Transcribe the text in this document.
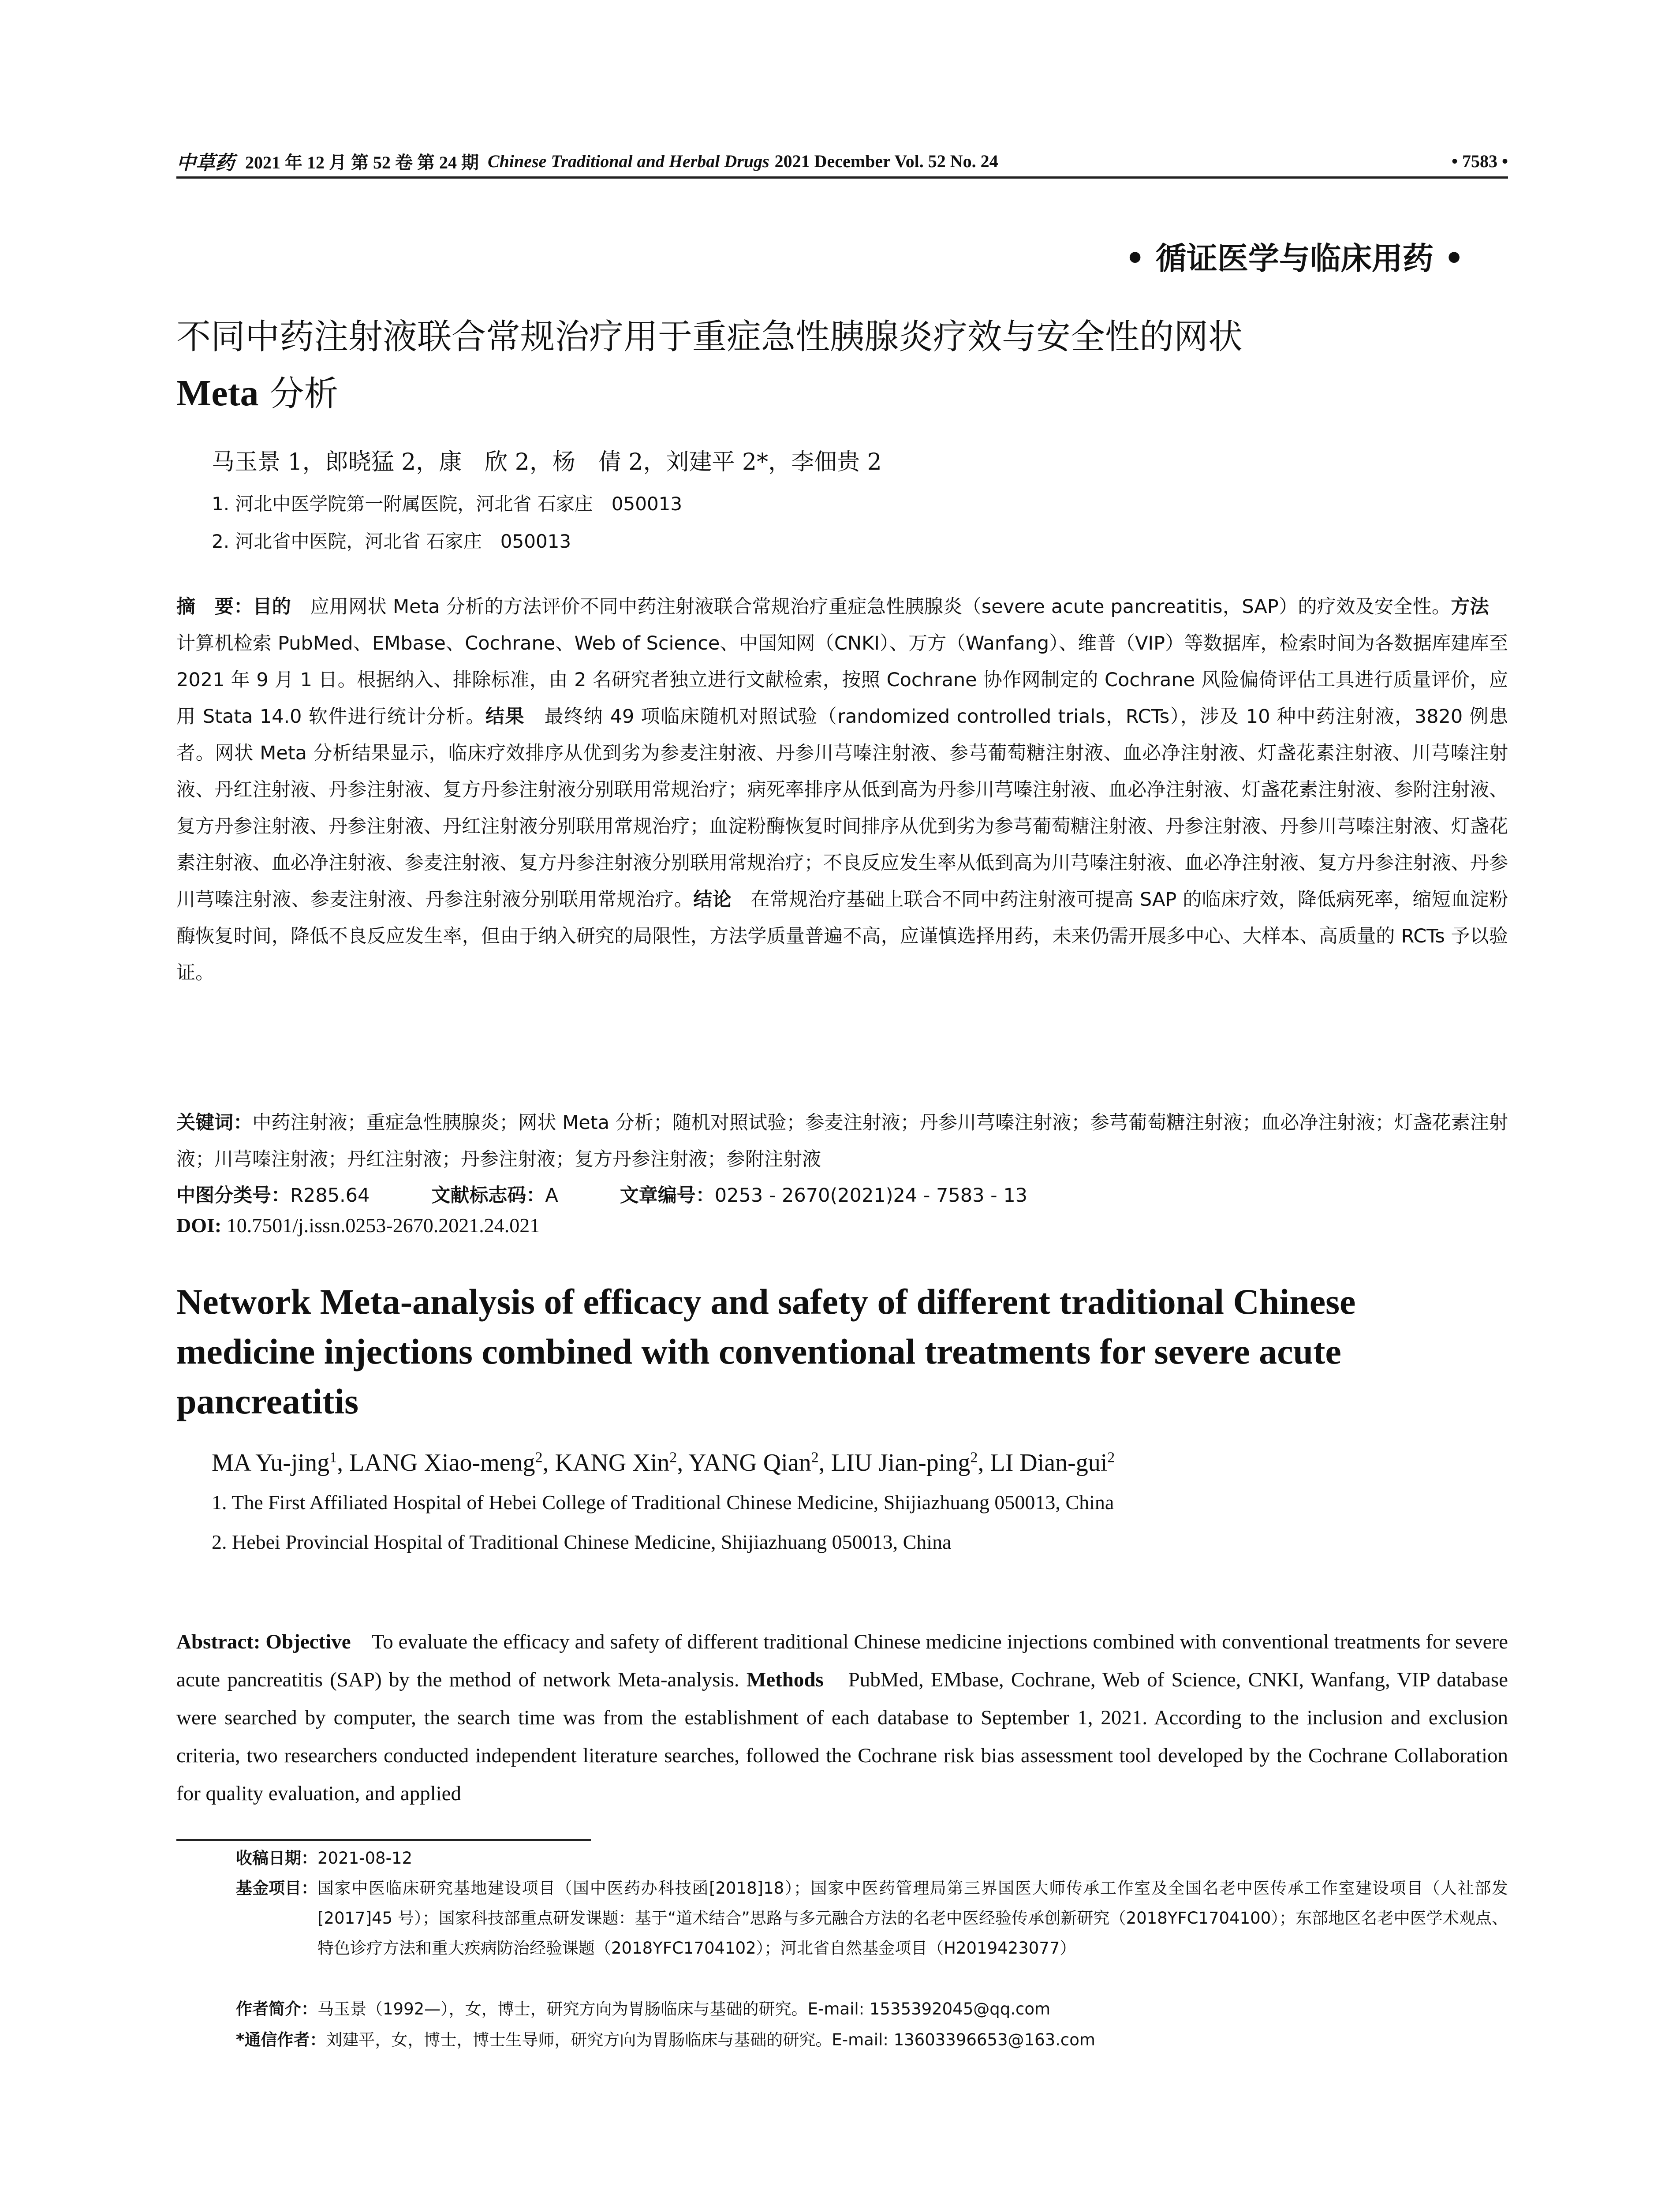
中草药 2021 年 12 月 第 52 卷 第 24 期 Chinese Traditional and Herbal Drugs 2021 December Vol. 52 No. 24	• 7583 •
• 循证医学与临床用药 •
不同中药注射液联合常规治疗用于重症急性胰腺炎疗效与安全性的网状
Meta 分析
马玉景 1，郎晓猛 2，康　欣 2，杨　倩 2，刘建平 2*，李佃贵 2
1. 河北中医学院第一附属医院，河北省 石家庄　050013
2. 河北省中医院，河北省 石家庄　050013
摘　要：目的　应用网状 Meta 分析的方法评价不同中药注射液联合常规治疗重症急性胰腺炎（severe acute pancreatitis，SAP）的疗效及安全性。方法　计算机检索 PubMed、EMbase、Cochrane、Web of Science、中国知网（CNKI）、万方（Wanfang）、维普（VIP）等数据库，检索时间为各数据库建库至 2021 年 9 月 1 日。根据纳入、排除标准，由 2 名研究者独立进行文献检索，按照 Cochrane 协作网制定的 Cochrane 风险偏倚评估工具进行质量评价，应用 Stata 14.0 软件进行统计分析。结果　最终纳 49 项临床随机对照试验（randomized controlled trials，RCTs），涉及 10 种中药注射液，3820 例患者。网状 Meta 分析结果显示，临床疗效排序从优到劣为参麦注射液、丹参川芎嗪注射液、参芎葡萄糖注射液、血必净注射液、灯盏花素注射液、川芎嗪注射液、丹红注射液、丹参注射液、复方丹参注射液分别联用常规治疗；病死率排序从低到高为丹参川芎嗪注射液、血必净注射液、灯盏花素注射液、参附注射液、复方丹参注射液、丹参注射液、丹红注射液分别联用常规治疗；血淀粉酶恢复时间排序从优到劣为参芎葡萄糖注射液、丹参注射液、丹参川芎嗪注射液、灯盏花素注射液、血必净注射液、参麦注射液、复方丹参注射液分别联用常规治疗；不良反应发生率从低到高为川芎嗪注射液、血必净注射液、复方丹参注射液、丹参川芎嗪注射液、参麦注射液、丹参注射液分别联用常规治疗。结论　在常规治疗基础上联合不同中药注射液可提高 SAP 的临床疗效，降低病死率，缩短血淀粉酶恢复时间，降低不良反应发生率，但由于纳入研究的局限性，方法学质量普遍不高，应谨慎选择用药，未来仍需开展多中心、大样本、高质量的 RCTs 予以验证。
关键词：中药注射液；重症急性胰腺炎；网状 Meta 分析；随机对照试验；参麦注射液；丹参川芎嗪注射液；参芎葡萄糖注射液；血必净注射液；灯盏花素注射液；川芎嗪注射液；丹红注射液；丹参注射液；复方丹参注射液；参附注射液
中图分类号：R285.64	文献标志码：A	文章编号：0253 - 2670(2021)24 - 7583 - 13
DOI: 10.7501/j.issn.0253-2670.2021.24.021
Network Meta-analysis of efficacy and safety of different traditional Chinese medicine injections combined with conventional treatments for severe acute pancreatitis
MA Yu-jing$^1$, LANG Xiao-meng$^2$, KANG Xin$^2$, YANG Qian$^2$, LIU Jian-ping$^2$, LI Dian-gui$^2$
1. The First Affiliated Hospital of Hebei College of Traditional Chinese Medicine, Shijiazhuang 050013, China
2. Hebei Provincial Hospital of Traditional Chinese Medicine, Shijiazhuang 050013, China
Abstract: Objective　To evaluate the efficacy and safety of different traditional Chinese medicine injections combined with conventional treatments for severe acute pancreatitis (SAP) by the method of network Meta-analysis. Methods　PubMed, EMbase, Cochrane, Web of Science, CNKI, Wanfang, VIP database were searched by computer, the search time was from the establishment of each database to September 1, 2021. According to the inclusion and exclusion criteria, two researchers conducted independent literature searches, followed the Cochrane risk bias assessment tool developed by the Cochrane Collaboration for quality evaluation, and applied
收稿日期：2021-08-12
基金项目： 国家中医临床研究基地建设项目（国中医药办科技函[2018]18）；国家中医药管理局第三界国医大师传承工作室及全国名老中医传承工作室建设项目（人社部发[2017]45 号）；国家科技部重点研发课题：基于“道术结合”思路与多元融合方法的名老中医经验传承创新研究（2018YFC1704100）；东部地区名老中医学术观点、特色诊疗方法和重大疾病防治经验课题（2018YFC1704102）；河北省自然基金项目（H2019423077）
作者简介：马玉景（1992—），女，博士，研究方向为胃肠临床与基础的研究。E-mail: 1535392045@qq.com
*通信作者：刘建平，女，博士，博士生导师，研究方向为胃肠临床与基础的研究。E-mail: 13603396653@163.com
